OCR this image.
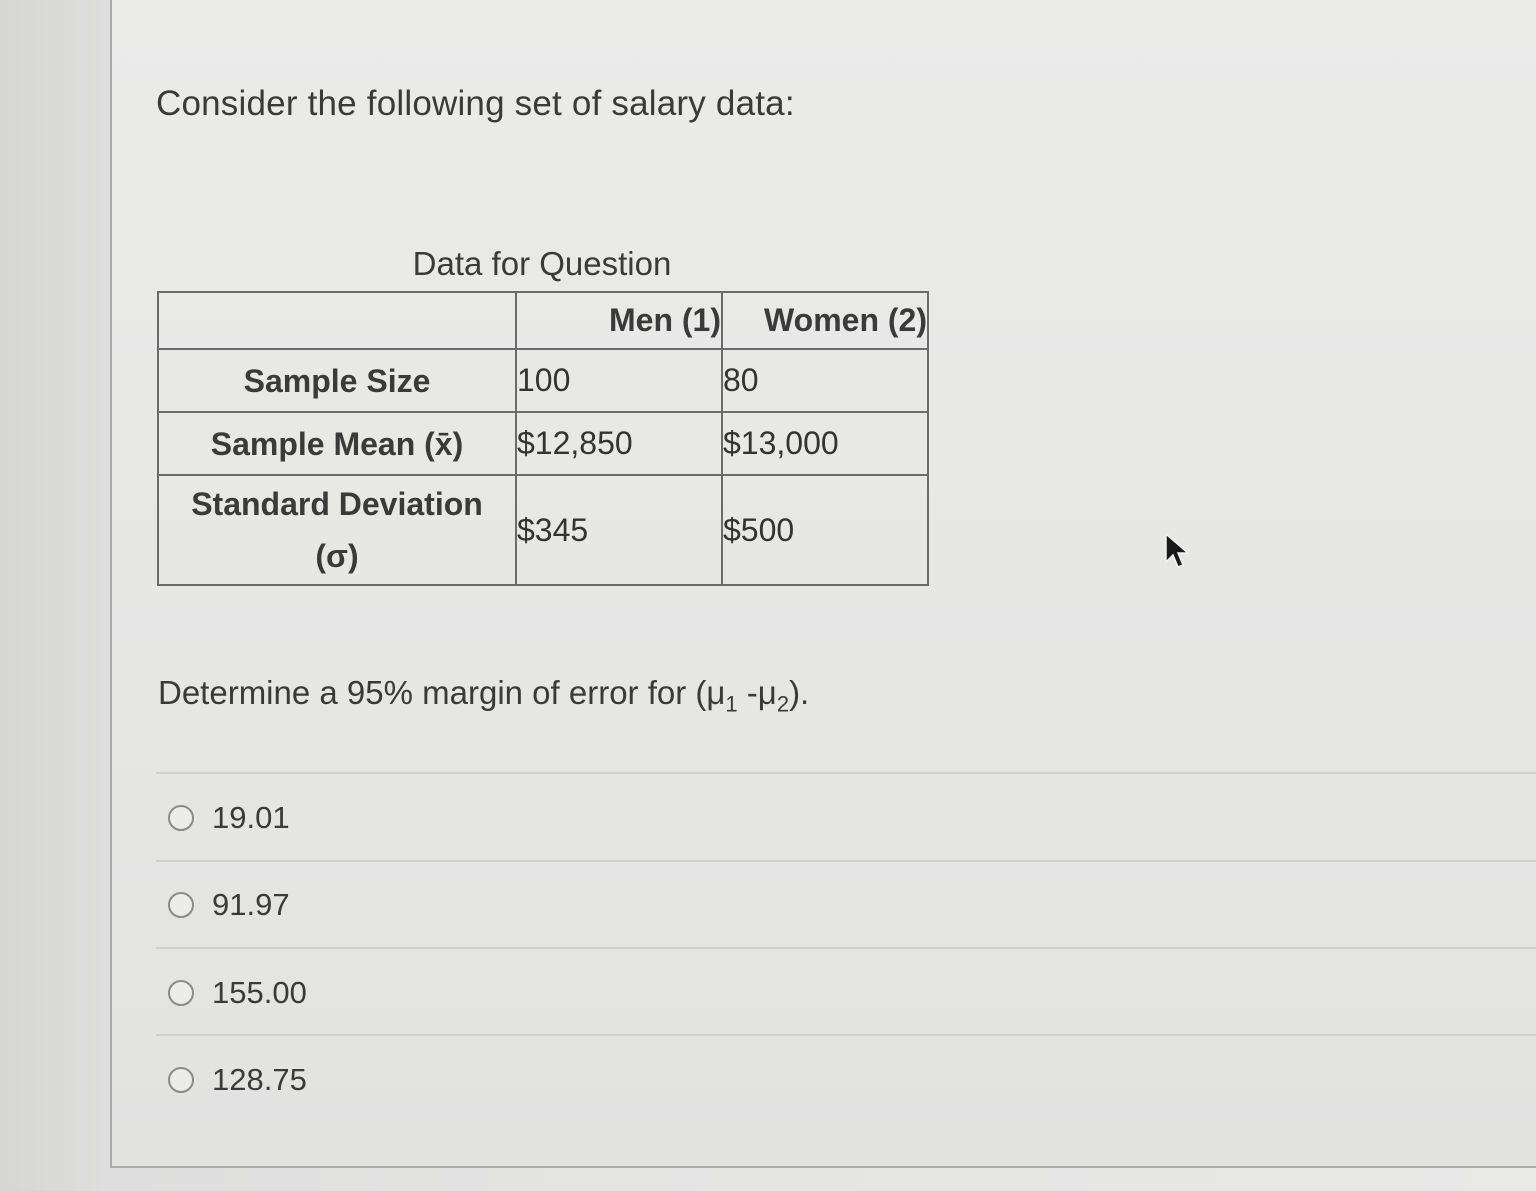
Consider the following set of salary data:
Data for Question
	Men (1)	Women (2)
Sample Size	100	80
Sample Mean (x̄)	$12,850	$13,000

Standard Deviation
(σ)	$345	$500
Determine a 95% margin of error for ($\mu_1$ $-\mu_2$).
19.01
91.97
155.00
128.75
